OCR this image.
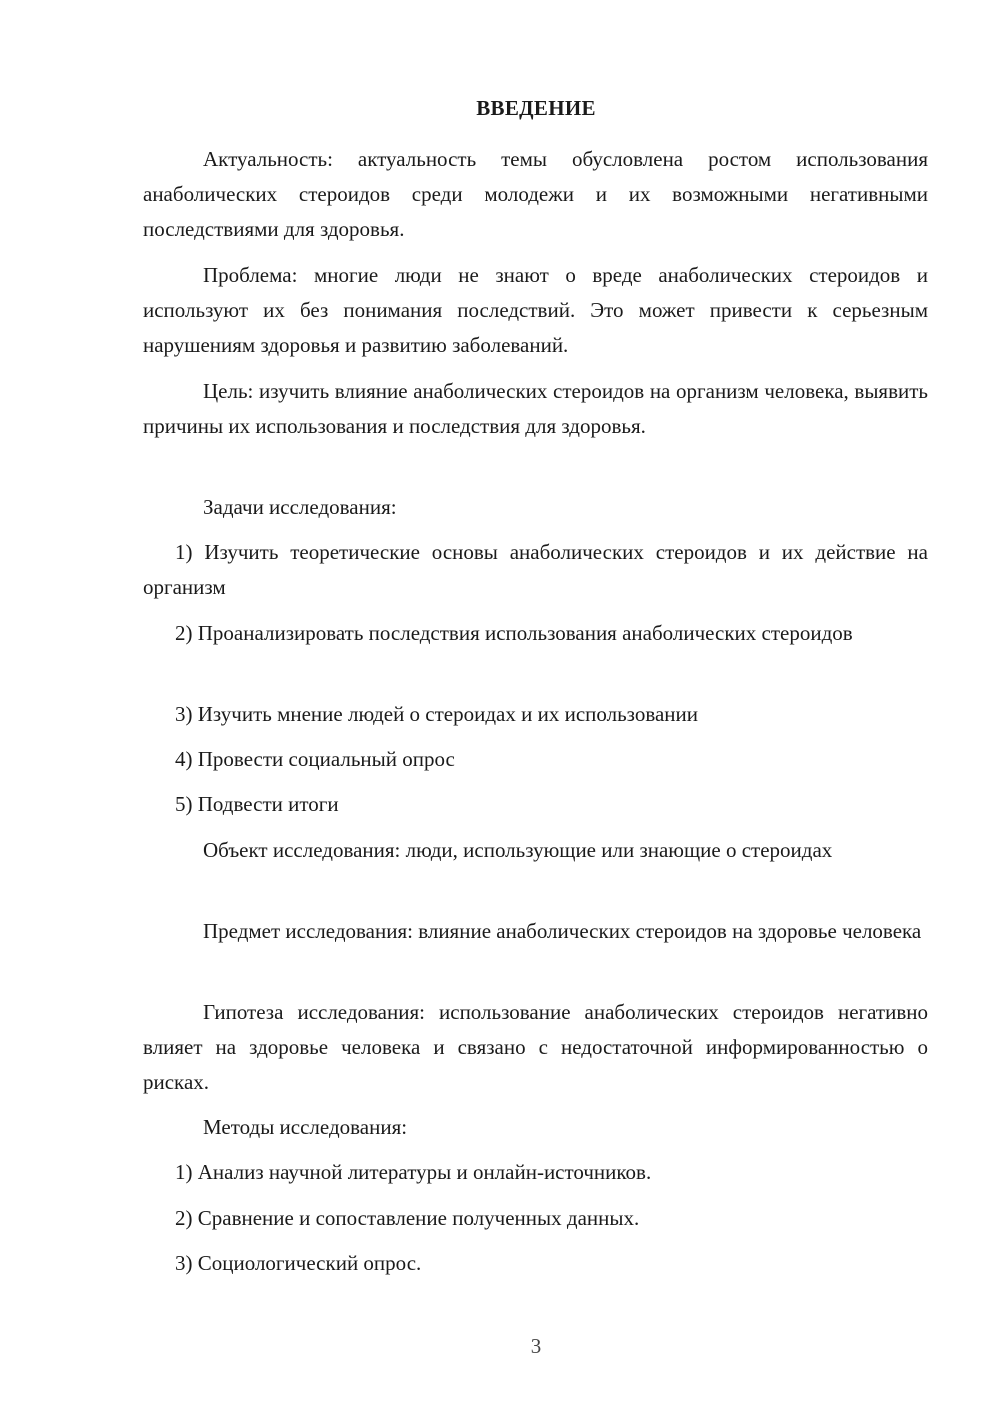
ВВЕДЕНИЕ

Актуальность: актуальность темы обусловлена ростом использования анаболических стероидов среди молодежи и их возможными негативными последствиями для здоровья.

Проблема: многие люди не знают о вреде анаболических стероидов и используют их без понимания последствий. Это может привести к серьезным нарушениям здоровья и развитию заболеваний.

Цель: изучить влияние анаболических стероидов на организм человека, выявить причины их использования и последствия для здоровья.

Задачи исследования:

1) Изучить теоретические основы анаболических стероидов и их действие на организм

2) Проанализировать последствия использования анаболических стероидов

3) Изучить мнение людей о стероидах и их использовании

4) Провести социальный опрос

5) Подвести итоги

Объект исследования: люди, использующие или знающие о стероидах

Предмет исследования: влияние анаболических стероидов на здоровье человека

Гипотеза исследования: использование анаболических стероидов негативно влияет на здоровье человека и связано с недостаточной информированностью о рисках.

Методы исследования:

1) Анализ научной литературы и онлайн-источников.

2) Сравнение и сопоставление полученных данных.

3) Социологический опрос.

3
